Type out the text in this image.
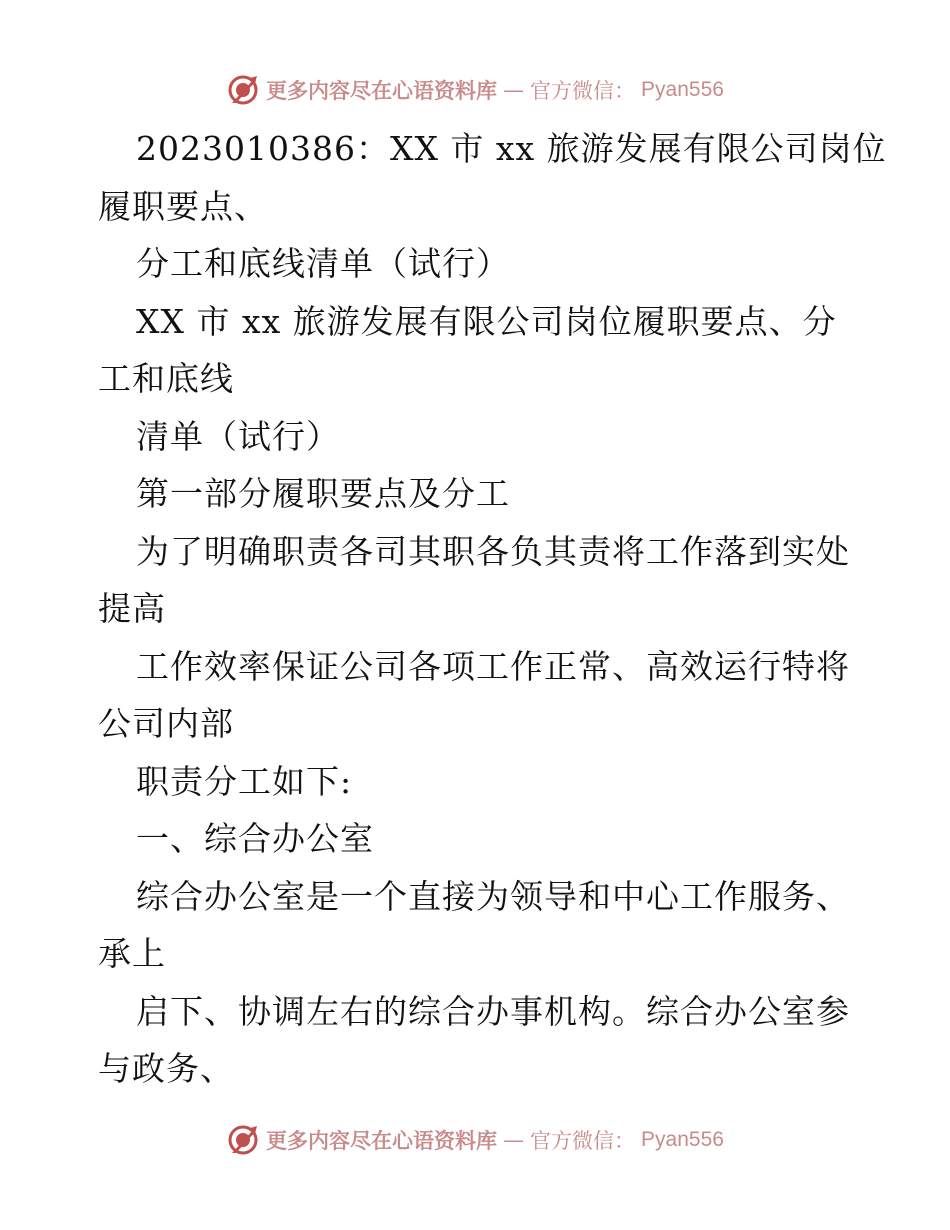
更多内容尽在心语资料库 — 官方微信： Pyan556
2023010386：XX 市 xx 旅游发展有限公司岗位
履职要点、
分工和底线清单（试行）
XX 市 xx 旅游发展有限公司岗位履职要点、分
工和底线
清单（试行）
第一部分履职要点及分工
为了明确职责各司其职各负其责将工作落到实处
提高
工作效率保证公司各项工作正常、高效运行特将
公司内部
职责分工如下:
一、综合办公室
综合办公室是一个直接为领导和中心工作服务、
承上
启下、协调左右的综合办事机构。综合办公室参
与政务、
更多内容尽在心语资料库 — 官方微信： Pyan556
